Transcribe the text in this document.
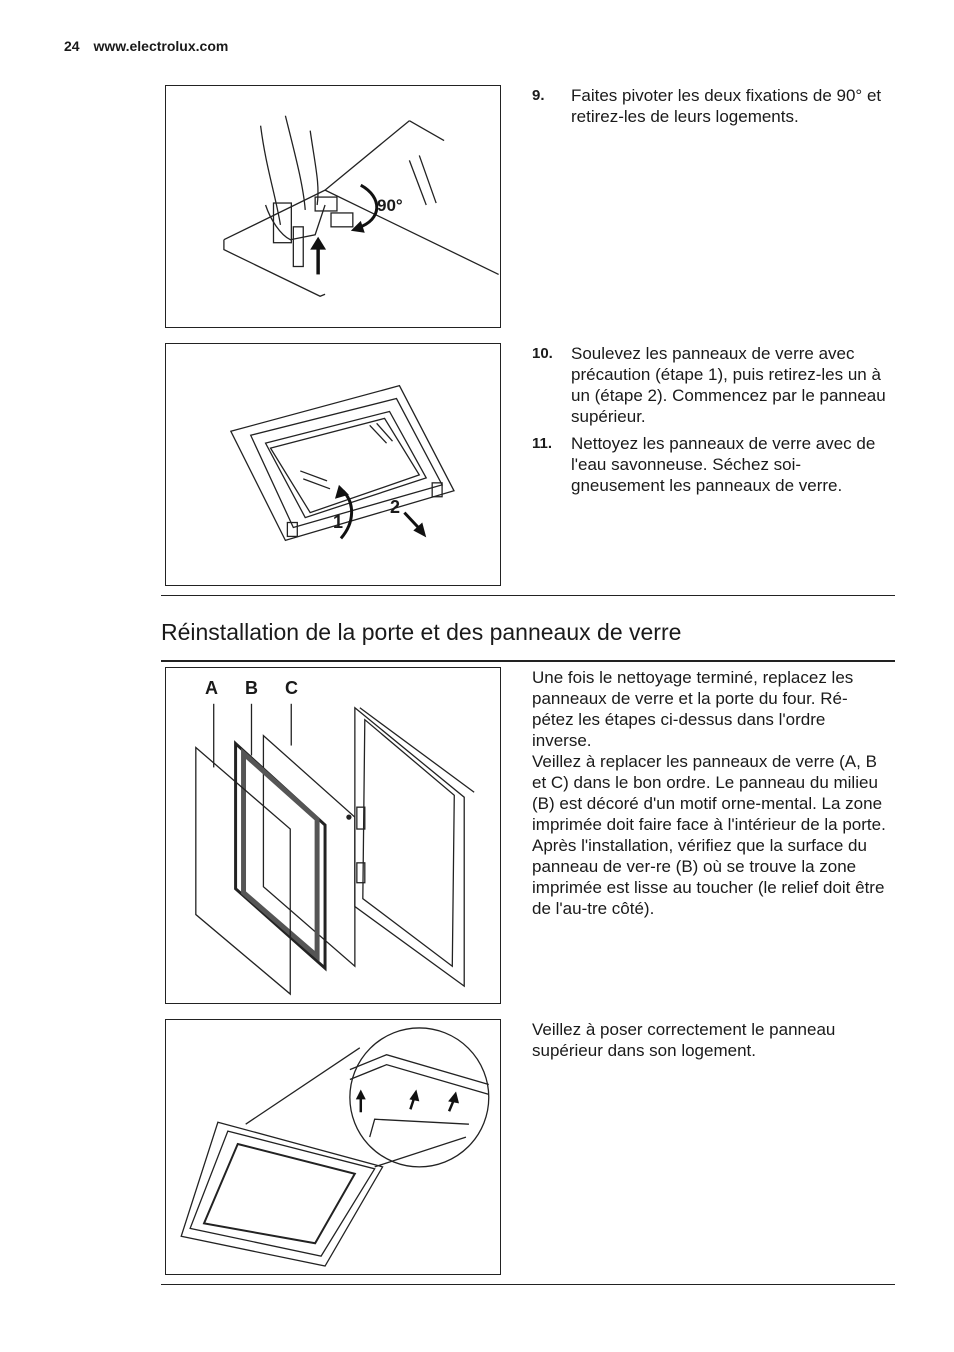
24 www.electrolux.com
90°
9. Faites pivoter les deux fixations de 90° et retirez-les de leurs logements.
1
2
10. Soulevez les panneaux de verre avec précaution (étape 1), puis retirez-les un à un (étape 2). Commencez par le panneau supérieur.
11. Nettoyez les panneaux de verre avec de l'eau savonneuse. Séchez soi-gneusement les panneaux de verre.
Réinstallation de la porte et des panneaux de verre
A B C
Une fois le nettoyage terminé, replacez les panneaux de verre et la porte du four. Ré-pétez les étapes ci-dessus dans l'ordre inverse.
Veillez à replacer les panneaux de verre (A, B et C) dans le bon ordre. Le panneau du milieu (B) est décoré d'un motif orne-mental. La zone imprimée doit faire face à l'intérieur de la porte. Après l'installation, vérifiez que la surface du panneau de ver-re (B) où se trouve la zone imprimée est lisse au toucher (le relief doit être de l'au-tre côté).
Veillez à poser correctement le panneau supérieur dans son logement.
